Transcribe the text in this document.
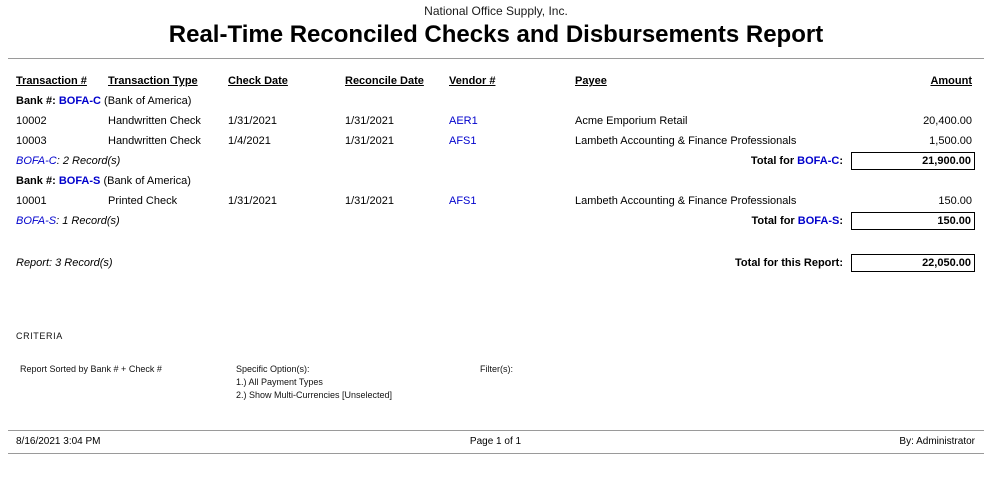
National Office Supply, Inc.
Real-Time Reconciled Checks and Disbursements Report
Transaction #	Transaction Type	Check Date	Reconcile Date	Vendor #	Payee	Amount
Bank #: BOFA-C (Bank of America)
10002	Handwritten Check	1/31/2021	1/31/2021	AER1	Acme Emporium Retail	20,400.00
10003	Handwritten Check	1/4/2021	1/31/2021	AFS1	Lambeth Accounting & Finance Professionals	1,500.00
BOFA-C: 2 Record(s)	Total for BOFA-C:	21,900.00
Bank #: BOFA-S (Bank of America)
10001	Printed Check	1/31/2021	1/31/2021	AFS1	Lambeth Accounting & Finance Professionals	150.00
BOFA-S: 1 Record(s)	Total for BOFA-S:	150.00
Report: 3 Record(s)	Total for this Report:	22,050.00
CRITERIA
Report Sorted by Bank # + Check #	Specific Option(s):
1.) All Payment Types
2.) Show Multi-Currencies [Unselected]
Filter(s):
8/16/2021 3:04 PM	Page 1 of 1	By: Administrator
